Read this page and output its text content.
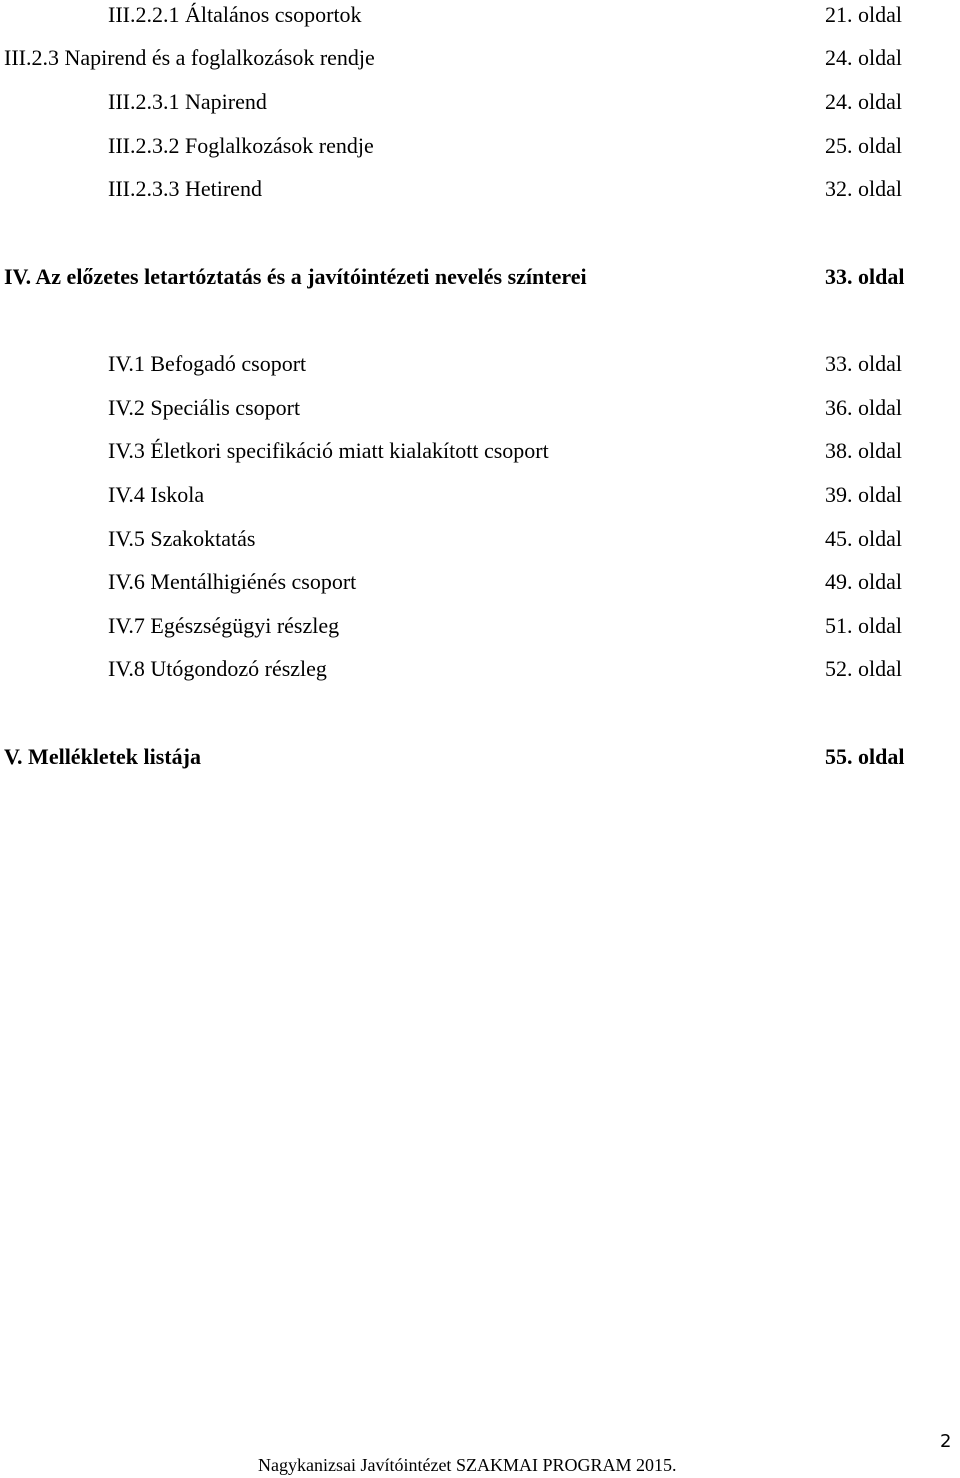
III.2.2.1 Általános csoportok	21. oldal
III.2.3 Napirend és a foglalkozások rendje	24. oldal
III.2.3.1 Napirend	24. oldal
III.2.3.2 Foglalkozások rendje	25. oldal
III.2.3.3 Hetirend	32. oldal
IV. Az előzetes letartóztatás és a javítóintézeti nevelés színterei	33. oldal
IV.1 Befogadó csoport	33. oldal
IV.2 Speciális csoport	36. oldal
IV.3 Életkori specifikáció miatt kialakított csoport	38. oldal
IV.4 Iskola	39. oldal
IV.5 Szakoktatás	45. oldal
IV.6 Mentálhigiénés csoport	49. oldal
IV.7 Egészségügyi részleg	51. oldal
IV.8 Utógondozó részleg	52. oldal
V. Mellékletek listája	55. oldal
2
Nagykanizsai Javítóintézet SZAKMAI PROGRAM 2015.
